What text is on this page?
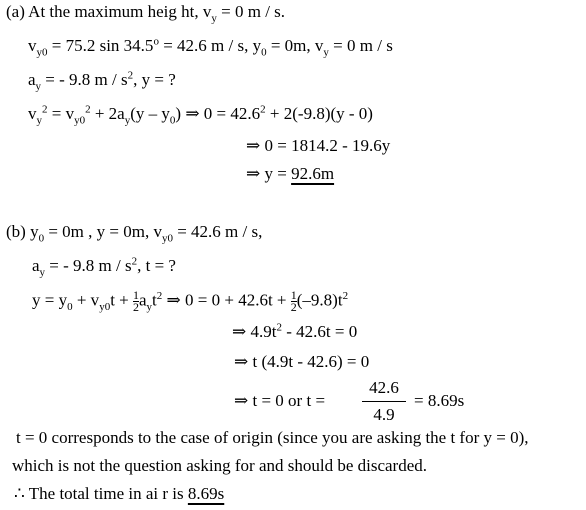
(a) At the maximum heig ht, $v_y = 0$ m / s.
$v_{y0} = 75.2$ $\sin 34.5^o = 42.6$ m / s, $y_0 = 0m$, $v_y = 0$ m / s
$a_y$ = - 9.8 m / $s^2$, y = ?
$v_y^2 = v_{y0}^2 + 2a_y(y - y_0)$ ⇒ $0 = 42.6^2 + 2(-9.8)(y - 0)$
⇒ 0 = 1814.2 - 19.6y
⇒ y = 92.6m
(b) $y_0 = 0m$ , y = 0m, $v_{y0} = 42.6$ m / s,
$a_y$ = - 9.8 m / $s^2$, t = ?
$y = y_0 + v_{y0}t + \frac{1}{2} a_yt^2$ ⇒ $0 = 0 + 42.6t + \frac{1}{2} (-9.8)t^2$
⇒ $4.9t^2 - 42.6t = 0$
⇒ t (4.9t - 42.6) = 0
⇒ t = 0 or $t = \frac{42.6}{4.9} = 8.69s$
t = 0 corresponds to the case of origin (since you are asking the t for y = 0),
which is not the question asking for and should be discarded.
∴ The total time in ai r is 8.69s
